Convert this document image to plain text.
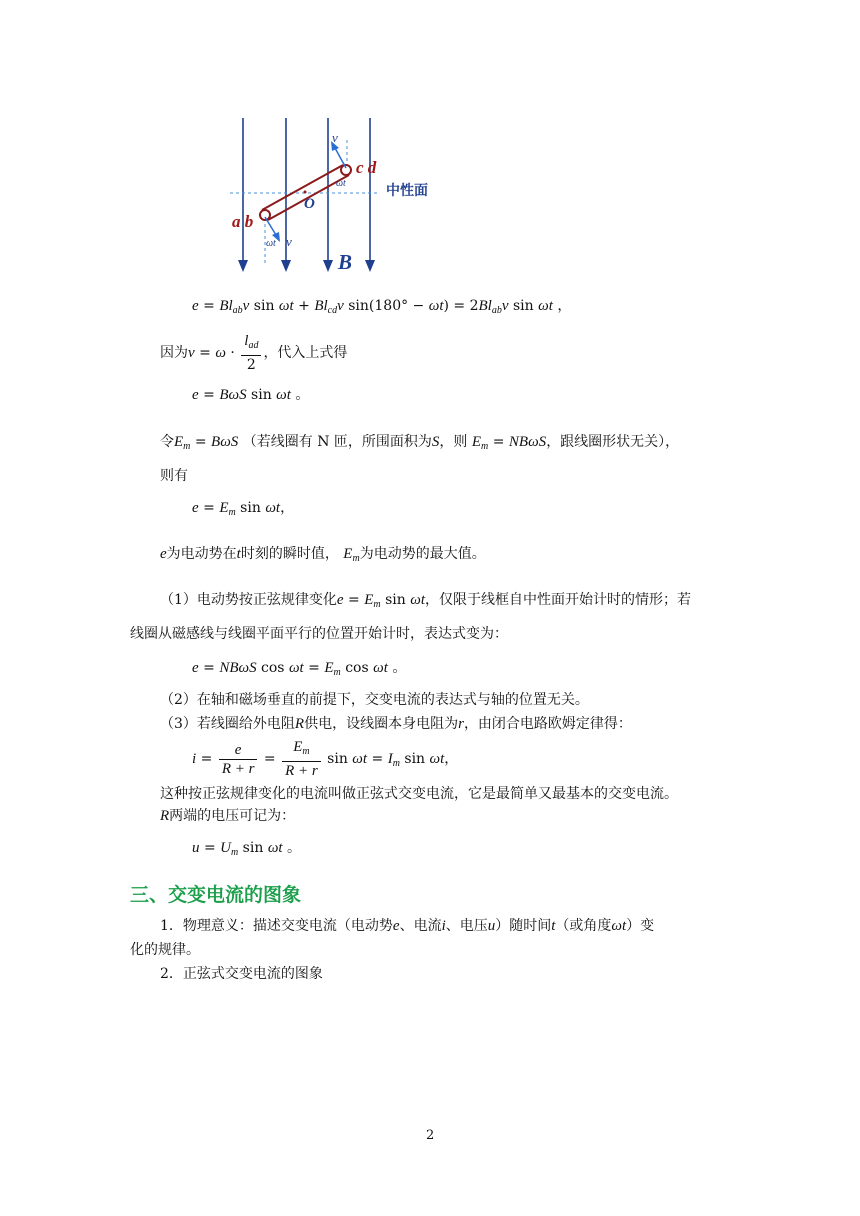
v
c d
ωt	中性面
O
a b
ωt v
B
$e = Bl_{ab}v$ $\sin \omega t + Bl_{cd}v$ $\sin(180^\circ - \omega t) = 2Bl_{ab}v$ sin ωt ，
因为$v = \omega \cdot \frac{l_{ad}}{2}$ ，代入上式得
e = BωS sin ωt 。
令$E_m = B\omega S$ （若线圈有 N 匝，所围面积为S，则 $E_m = NB\omega S$，跟线圈形状无关），
则有
$e = E_m$ sin ωt，
e为电动势在t时刻的瞬时值， $E_m$为电动势的最大值。
（1）电动势按正弦规律变化$e = E_m$ sin ωt，仅限于线框自中性面开始计时的情形；若
线圈从磁感线与线圈平面平行的位置开始计时，表达式变为：
e = NBωS $\cos \omega t = E_m$ cos ωt 。
（2）在轴和磁场垂直的前提下，交变电流的表达式与轴的位置无关。
（3）若线圈给外电阻R供电，设线圈本身电阻为r，由闭合电路欧姆定律得：
$i = \frac{e}{R + r} = \frac{E_m}{R + r}$ $\sin \omega t = I_m$ sin ωt，
这种按正弦规律变化的电流叫做正弦式交变电流，它是最简单又最基本的交变电流。
R两端的电压可记为：
$u = U_m$ sin ωt 。
三、交变电流的图象
1．物理意义：描述交变电流（电动势e、电流i、电压u）随时间t（或角度ωt）变
化的规律。
2．正弦式交变电流的图象
2
